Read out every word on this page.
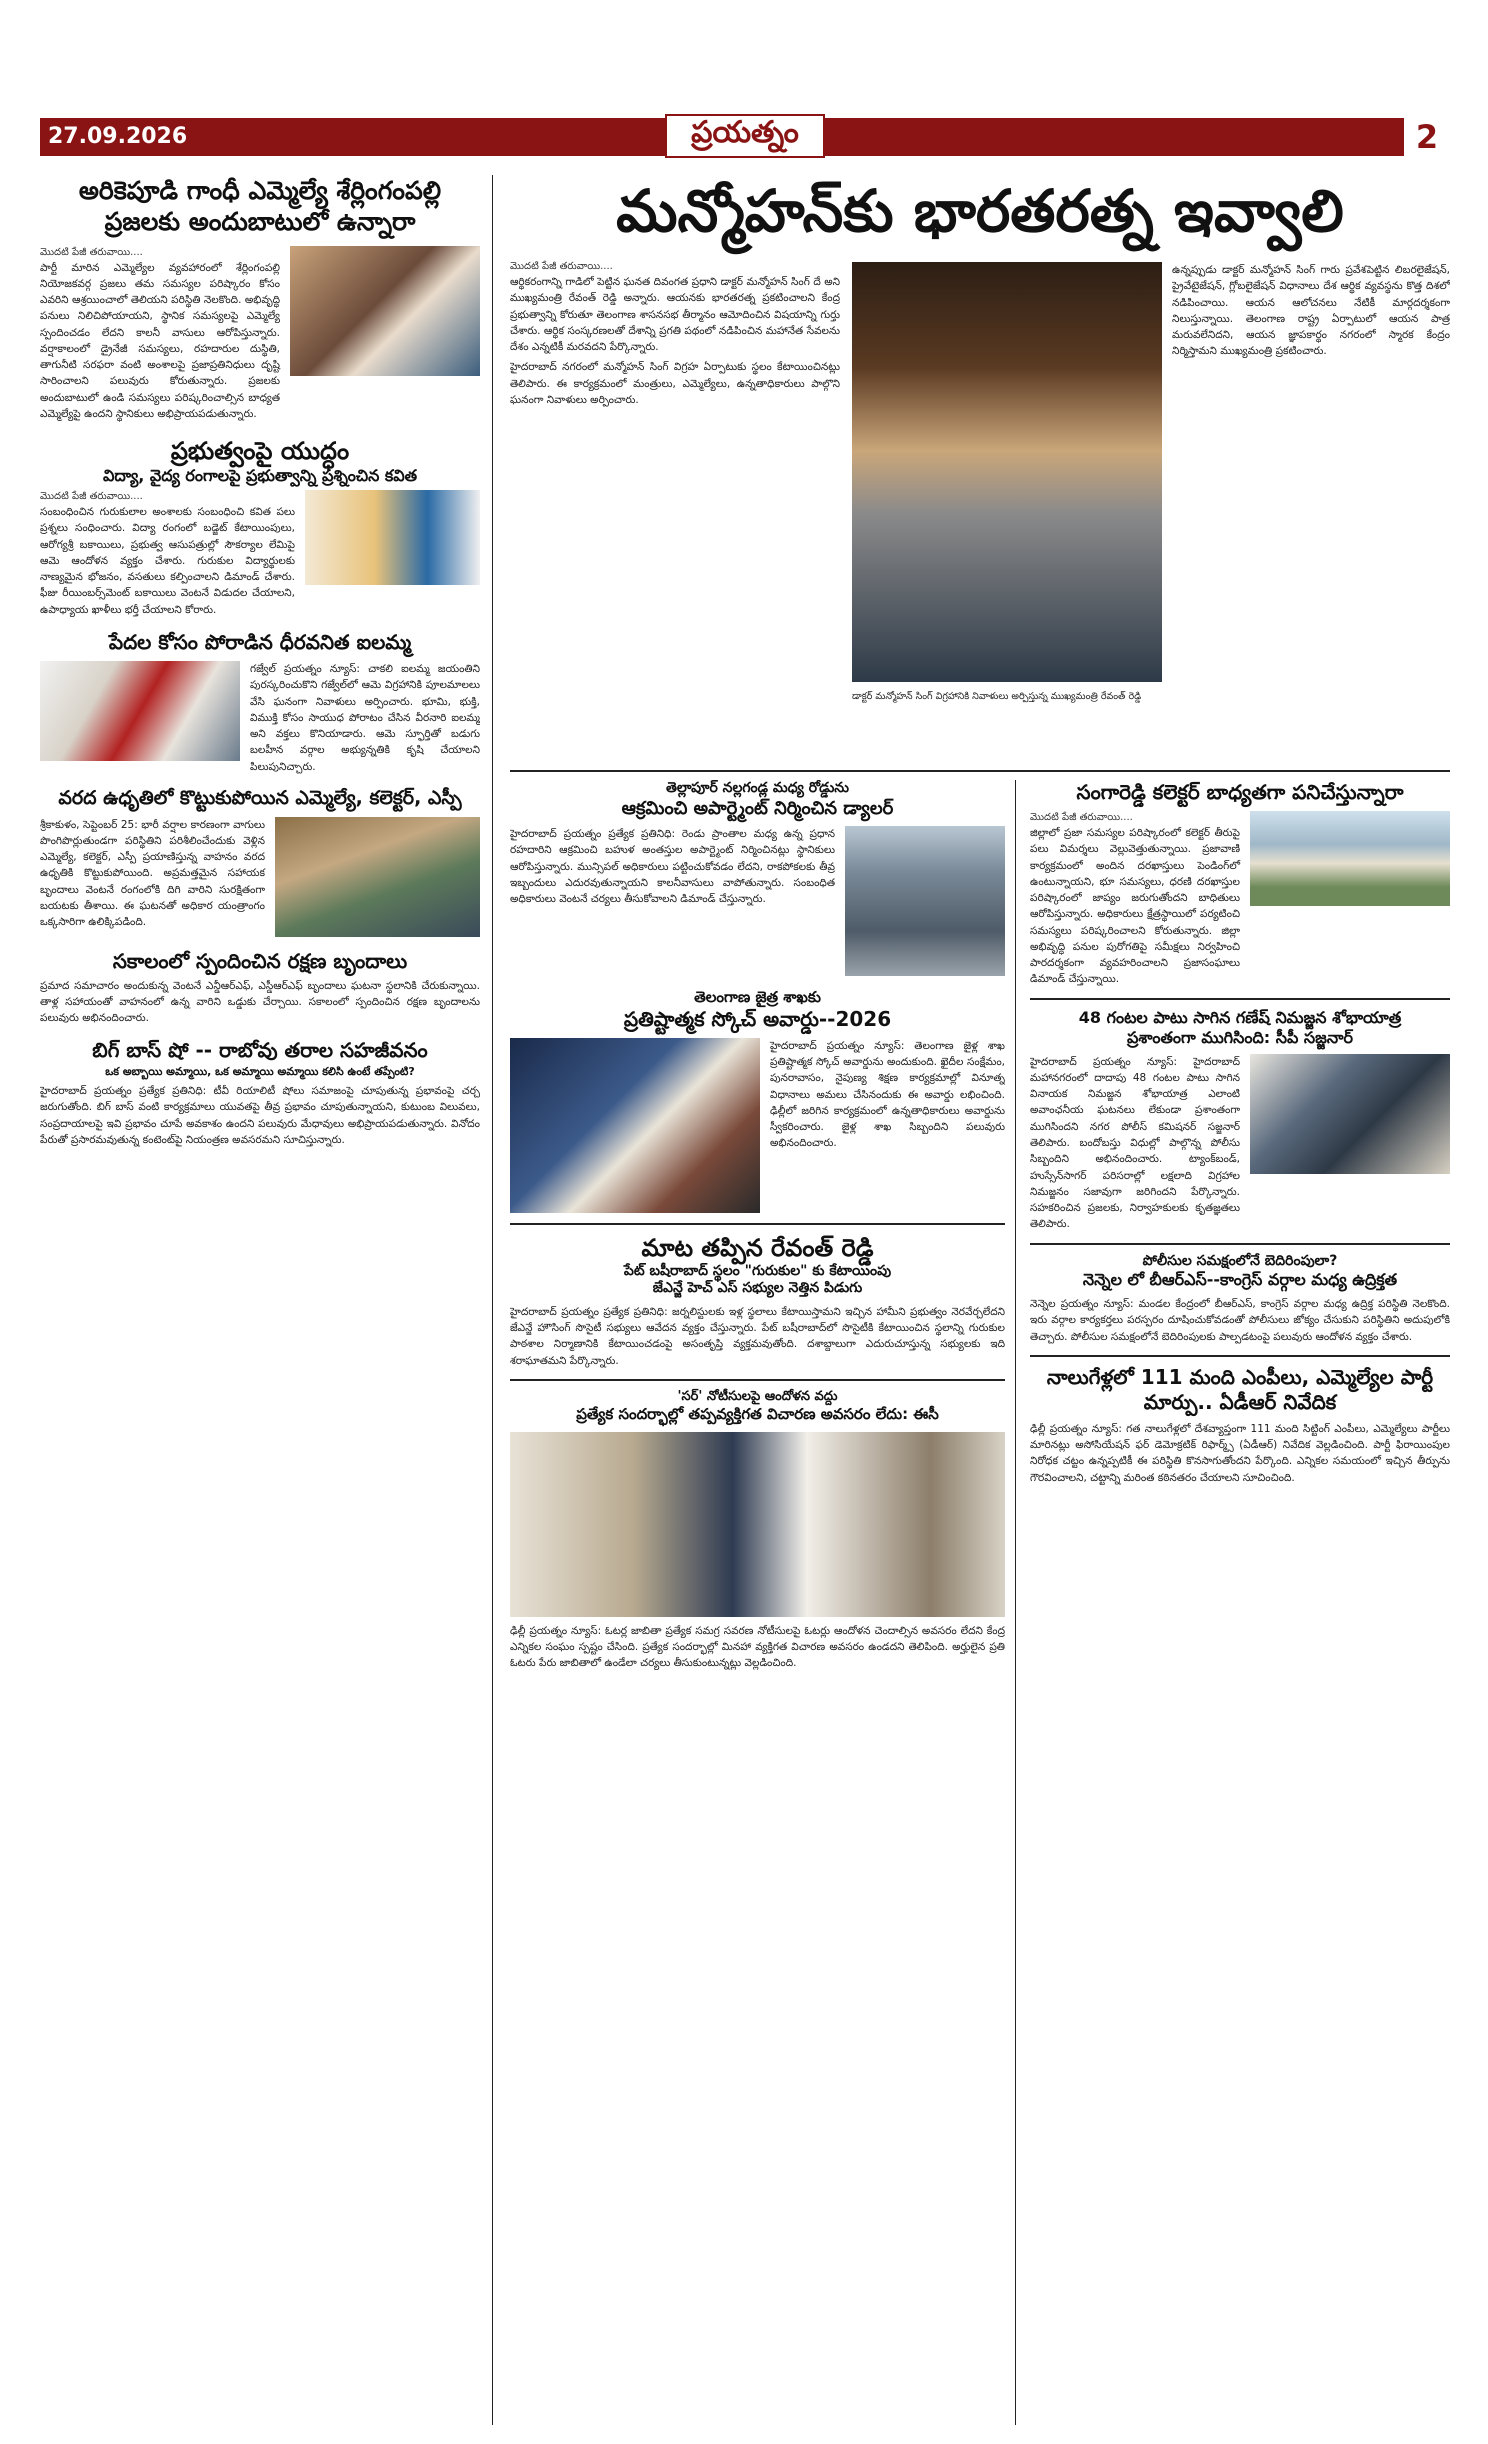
27.09.2026	ప్రయత్నం	2
అరికెపూడి గాంధీ ఎమ్మెల్యే శేర్లింగంపల్లి ప్రజలకు అందుబాటులో ఉన్నారా
మొదటి పేజీ తరువాయి....
పార్టీ మారిన ఎమ్మెల్యేల వ్యవహారంలో శేర్లింగంపల్లి నియోజకవర్గ ప్రజలు తమ సమస్యల పరిష్కారం కోసం ఎవరిని ఆశ్రయించాలో తెలియని పరిస్థితి నెలకొంది. అభివృద్ధి పనులు నిలిచిపోయాయని, స్థానిక సమస్యలపై ఎమ్మెల్యే స్పందించడం లేదని కాలనీ వాసులు ఆరోపిస్తున్నారు. వర్షాకాలంలో డ్రైనేజీ సమస్యలు, రహదారుల దుస్థితి, తాగునీటి సరఫరా వంటి అంశాలపై ప్రజాప్రతినిధులు దృష్టి సారించాలని పలువురు కోరుతున్నారు. ప్రజలకు అందుబాటులో ఉండి సమస్యలు పరిష్కరించాల్సిన బాధ్యత ఎమ్మెల్యేపై ఉందని స్థానికులు అభిప్రాయపడుతున్నారు.
ప్రభుత్వంపై యుద్ధం
విద్యా, వైద్య రంగాలపై ప్రభుత్వాన్ని ప్రశ్నించిన కవిత
మొదటి పేజీ తరువాయి....
సంబంధించిన గురుకులాల అంశాలకు సంబంధించి కవిత పలు ప్రశ్నలు సంధించారు. విద్యా రంగంలో బడ్జెట్ కేటాయింపులు, ఆరోగ్యశ్రీ బకాయిలు, ప్రభుత్వ ఆసుపత్రుల్లో సౌకర్యాల లేమిపై ఆమె ఆందోళన వ్యక్తం చేశారు. గురుకుల విద్యార్థులకు నాణ్యమైన భోజనం, వసతులు కల్పించాలని డిమాండ్ చేశారు. ఫీజు రీయింబర్స్‌మెంట్ బకాయిలు వెంటనే విడుదల చేయాలని, ఉపాధ్యాయ ఖాళీలు భర్తీ చేయాలని కోరారు.
పేదల కోసం పోరాడిన ధీరవనిత ఐలమ్మ
గజ్వేల్ ప్రయత్నం న్యూస్: చాకలి ఐలమ్మ జయంతిని పురస్కరించుకొని గజ్వేల్‌లో ఆమె విగ్రహానికి పూలమాలలు వేసి ఘనంగా నివాళులు అర్పించారు. భూమి, భుక్తి, విముక్తి కోసం సాయుధ పోరాటం చేసిన వీరనారి ఐలమ్మ అని వక్తలు కొనియాడారు. ఆమె స్ఫూర్తితో బడుగు బలహీన వర్గాల అభ్యున్నతికి కృషి చేయాలని పిలుపునిచ్చారు.
వరద ఉధృతిలో కొట్టుకుపోయిన ఎమ్మెల్యే, కలెక్టర్, ఎస్పీ
శ్రీకాకుళం, సెప్టెంబర్ 25: భారీ వర్షాల కారణంగా వాగులు పొంగిపొర్లుతుండగా పరిస్థితిని పరిశీలించేందుకు వెళ్లిన ఎమ్మెల్యే, కలెక్టర్, ఎస్పీ ప్రయాణిస్తున్న వాహనం వరద ఉధృతికి కొట్టుకుపోయింది. అప్రమత్తమైన సహాయక బృందాలు వెంటనే రంగంలోకి దిగి వారిని సురక్షితంగా బయటకు తీశాయి. ఈ ఘటనతో అధికార యంత్రాంగం ఒక్కసారిగా ఉలిక్కిపడింది.
సకాలంలో స్పందించిన రక్షణ బృందాలు
ప్రమాద సమాచారం అందుకున్న వెంటనే ఎన్డీఆర్ఎఫ్, ఎస్డీఆర్ఎఫ్ బృందాలు ఘటనా స్థలానికి చేరుకున్నాయి. తాళ్ల సహాయంతో వాహనంలో ఉన్న వారిని ఒడ్డుకు చేర్చాయి. సకాలంలో స్పందించిన రక్షణ బృందాలను పలువురు అభినందించారు.
బిగ్ బాస్ షో -- రాబోవు తరాల సహజీవనం
ఒక అబ్బాయి అమ్మాయి, ఒక అమ్మాయి అమ్మాయి కలిసి ఉంటే తప్పేంటి?
హైదరాబాద్ ప్రయత్నం ప్రత్యేక ప్రతినిధి: టీవీ రియాలిటీ షోలు సమాజంపై చూపుతున్న ప్రభావంపై చర్చ జరుగుతోంది. బిగ్ బాస్ వంటి కార్యక్రమాలు యువతపై తీవ్ర ప్రభావం చూపుతున్నాయని, కుటుంబ విలువలు, సంప్రదాయాలపై ఇవి ప్రభావం చూపే అవకాశం ఉందని పలువురు మేధావులు అభిప్రాయపడుతున్నారు. వినోదం పేరుతో ప్రసారమవుతున్న కంటెంట్‌పై నియంత్రణ అవసరమని సూచిస్తున్నారు.
మన్మోహన్‌కు భారతరత్న ఇవ్వాలి
మొదటి పేజీ తరువాయి....
ఆర్థికరంగాన్ని గాడిలో పెట్టిన ఘనత దివంగత ప్రధాని డాక్టర్ మన్మోహన్ సింగ్ దే అని ముఖ్యమంత్రి రేవంత్ రెడ్డి అన్నారు. ఆయనకు భారతరత్న ప్రకటించాలని కేంద్ర ప్రభుత్వాన్ని కోరుతూ తెలంగాణ శాసనసభ తీర్మానం ఆమోదించిన విషయాన్ని గుర్తు చేశారు. ఆర్థిక సంస్కరణలతో దేశాన్ని ప్రగతి పథంలో నడిపించిన మహానేత సేవలను దేశం ఎన్నటికీ మరవదని పేర్కొన్నారు.
హైదరాబాద్ నగరంలో మన్మోహన్ సింగ్ విగ్రహ ఏర్పాటుకు స్థలం కేటాయించినట్లు తెలిపారు. ఈ కార్యక్రమంలో మంత్రులు, ఎమ్మెల్యేలు, ఉన్నతాధికారులు పాల్గొని ఘనంగా నివాళులు అర్పించారు.
డాక్టర్ మన్మోహన్ సింగ్ విగ్రహానికి నివాళులు అర్పిస్తున్న ముఖ్యమంత్రి రేవంత్ రెడ్డి
ఉన్నప్పుడు డాక్టర్ మన్మోహన్ సింగ్ గారు ప్రవేశపెట్టిన లిబరలైజేషన్, ప్రైవేటైజేషన్, గ్లోబలైజేషన్ విధానాలు దేశ ఆర్థిక వ్యవస్థను కొత్త దిశలో నడిపించాయి. ఆయన ఆలోచనలు నేటికీ మార్గదర్శకంగా నిలుస్తున్నాయి. తెలంగాణ రాష్ట్ర ఏర్పాటులో ఆయన పాత్ర మరువలేనిదని, ఆయన జ్ఞాపకార్థం నగరంలో స్మారక కేంద్రం నిర్మిస్తామని ముఖ్యమంత్రి ప్రకటించారు.
తెల్లాపూర్ నల్లగండ్ల మధ్య రోడ్డును
ఆక్రమించి అపార్ట్మెంట్ నిర్మించిన డ్యాలర్
హైదరాబాద్ ప్రయత్నం ప్రత్యేక ప్రతినిధి: రెండు ప్రాంతాల మధ్య ఉన్న ప్రధాన రహదారిని ఆక్రమించి బహుళ అంతస్తుల అపార్ట్మెంట్ నిర్మించినట్లు స్థానికులు ఆరోపిస్తున్నారు. మున్సిపల్ అధికారులు పట్టించుకోవడం లేదని, రాకపోకలకు తీవ్ర ఇబ్బందులు ఎదురవుతున్నాయని కాలనీవాసులు వాపోతున్నారు. సంబంధిత అధికారులు వెంటనే చర్యలు తీసుకోవాలని డిమాండ్ చేస్తున్నారు.
తెలంగాణ జైత్ర శాఖకు
ప్రతిష్టాత్మక స్కోచ్ అవార్డు--2026
హైదరాబాద్ ప్రయత్నం న్యూస్: తెలంగాణ జైళ్ల శాఖ ప్రతిష్టాత్మక స్కోచ్ అవార్డును అందుకుంది. ఖైదీల సంక్షేమం, పునరావాసం, నైపుణ్య శిక్షణ కార్యక్రమాల్లో వినూత్న విధానాలు అమలు చేసినందుకు ఈ అవార్డు లభించింది. ఢిల్లీలో జరిగిన కార్యక్రమంలో ఉన్నతాధికారులు అవార్డును స్వీకరించారు. జైళ్ల శాఖ సిబ్బందిని పలువురు అభినందించారు.
మాట తప్పిన రేవంత్ రెడ్డి
పేట్ బషీరాబాద్ స్థలం "గురుకుల" కు కేటాయింపు
జేఎన్జే హెచ్ ఎస్ సభ్యుల నెత్తిన పిడుగు
హైదరాబాద్ ప్రయత్నం ప్రత్యేక ప్రతినిధి: జర్నలిస్టులకు ఇళ్ల స్థలాలు కేటాయిస్తామని ఇచ్చిన హామీని ప్రభుత్వం నెరవేర్చలేదని జేఎన్జే హౌసింగ్ సొసైటీ సభ్యులు ఆవేదన వ్యక్తం చేస్తున్నారు. పేట్ బషీరాబాద్‌లో సొసైటీకి కేటాయించిన స్థలాన్ని గురుకుల పాఠశాల నిర్మాణానికి కేటాయించడంపై అసంతృప్తి వ్యక్తమవుతోంది. దశాబ్దాలుగా ఎదురుచూస్తున్న సభ్యులకు ఇది శరాఘాతమని పేర్కొన్నారు.
'సర్' నోటీసులపై ఆందోళన వద్దు
ప్రత్యేక సందర్భాల్లో తప్పవ్యక్తిగత విచారణ అవసరం లేదు: ఈసీ
ఢిల్లీ ప్రయత్నం న్యూస్: ఓటర్ల జాబితా ప్రత్యేక సమగ్ర సవరణ నోటీసులపై ఓటర్లు ఆందోళన చెందాల్సిన అవసరం లేదని కేంద్ర ఎన్నికల సంఘం స్పష్టం చేసింది. ప్రత్యేక సందర్భాల్లో మినహా వ్యక్తిగత విచారణ అవసరం ఉండదని తెలిపింది. అర్హులైన ప్రతి ఓటరు పేరు జాబితాలో ఉండేలా చర్యలు తీసుకుంటున్నట్లు వెల్లడించింది.
సంగారెడ్డి కలెక్టర్ బాధ్యతగా పనిచేస్తున్నారా
మొదటి పేజీ తరువాయి....
జిల్లాలో ప్రజా సమస్యల పరిష్కారంలో కలెక్టర్ తీరుపై పలు విమర్శలు వెల్లువెత్తుతున్నాయి. ప్రజావాణి కార్యక్రమంలో అందిన దరఖాస్తులు పెండింగ్‌లో ఉంటున్నాయని, భూ సమస్యలు, ధరణి దరఖాస్తుల పరిష్కారంలో జాప్యం జరుగుతోందని బాధితులు ఆరోపిస్తున్నారు. అధికారులు క్షేత్రస్థాయిలో పర్యటించి సమస్యలు పరిష్కరించాలని కోరుతున్నారు. జిల్లా అభివృద్ధి పనుల పురోగతిపై సమీక్షలు నిర్వహించి పారదర్శకంగా వ్యవహరించాలని ప్రజాసంఘాలు డిమాండ్ చేస్తున్నాయి.
48 గంటల పాటు సాగిన గణేష్ నిమజ్జన శోభాయాత్ర
ప్రశాంతంగా ముగిసింది: సీపీ సజ్జనార్
హైదరాబాద్ ప్రయత్నం న్యూస్: హైదరాబాద్ మహానగరంలో దాదాపు 48 గంటల పాటు సాగిన వినాయక నిమజ్జన శోభాయాత్ర ఎలాంటి అవాంఛనీయ ఘటనలు లేకుండా ప్రశాంతంగా ముగిసిందని నగర పోలీస్ కమిషనర్ సజ్జనార్ తెలిపారు. బందోబస్తు విధుల్లో పాల్గొన్న పోలీసు సిబ్బందిని అభినందించారు. ట్యాంక్‌బండ్, హుస్సేన్‌సాగర్ పరిసరాల్లో లక్షలాది విగ్రహాల నిమజ్జనం సజావుగా జరిగిందని పేర్కొన్నారు. సహకరించిన ప్రజలకు, నిర్వాహకులకు కృతజ్ఞతలు తెలిపారు.
పోలీసుల సమక్షంలోనే బెదిరింపులా?
నెన్నెల లో బీఆర్ఎస్--కాంగ్రెస్ వర్గాల మధ్య ఉద్రిక్తత
నెన్నెల ప్రయత్నం న్యూస్: మండల కేంద్రంలో బీఆర్ఎస్, కాంగ్రెస్ వర్గాల మధ్య ఉద్రిక్త పరిస్థితి నెలకొంది. ఇరు వర్గాల కార్యకర్తలు పరస్పరం దూషించుకోవడంతో పోలీసులు జోక్యం చేసుకుని పరిస్థితిని అదుపులోకి తెచ్చారు. పోలీసుల సమక్షంలోనే బెదిరింపులకు పాల్పడటంపై పలువురు ఆందోళన వ్యక్తం చేశారు.
నాలుగేళ్లలో 111 మంది ఎంపీలు, ఎమ్మెల్యేల పార్టీ మార్పు.. ఏడీఆర్ నివేదిక
ఢిల్లీ ప్రయత్నం న్యూస్: గత నాలుగేళ్లలో దేశవ్యాప్తంగా 111 మంది సిట్టింగ్ ఎంపీలు, ఎమ్మెల్యేలు పార్టీలు మారినట్లు అసోసియేషన్ ఫర్ డెమోక్రటిక్ రిఫార్మ్స్ (ఏడీఆర్) నివేదిక వెల్లడించింది. పార్టీ ఫిరాయింపుల నిరోధక చట్టం ఉన్నప్పటికీ ఈ పరిస్థితి కొనసాగుతోందని పేర్కొంది. ఎన్నికల సమయంలో ఇచ్చిన తీర్పును గౌరవించాలని, చట్టాన్ని మరింత కఠినతరం చేయాలని సూచించింది.
